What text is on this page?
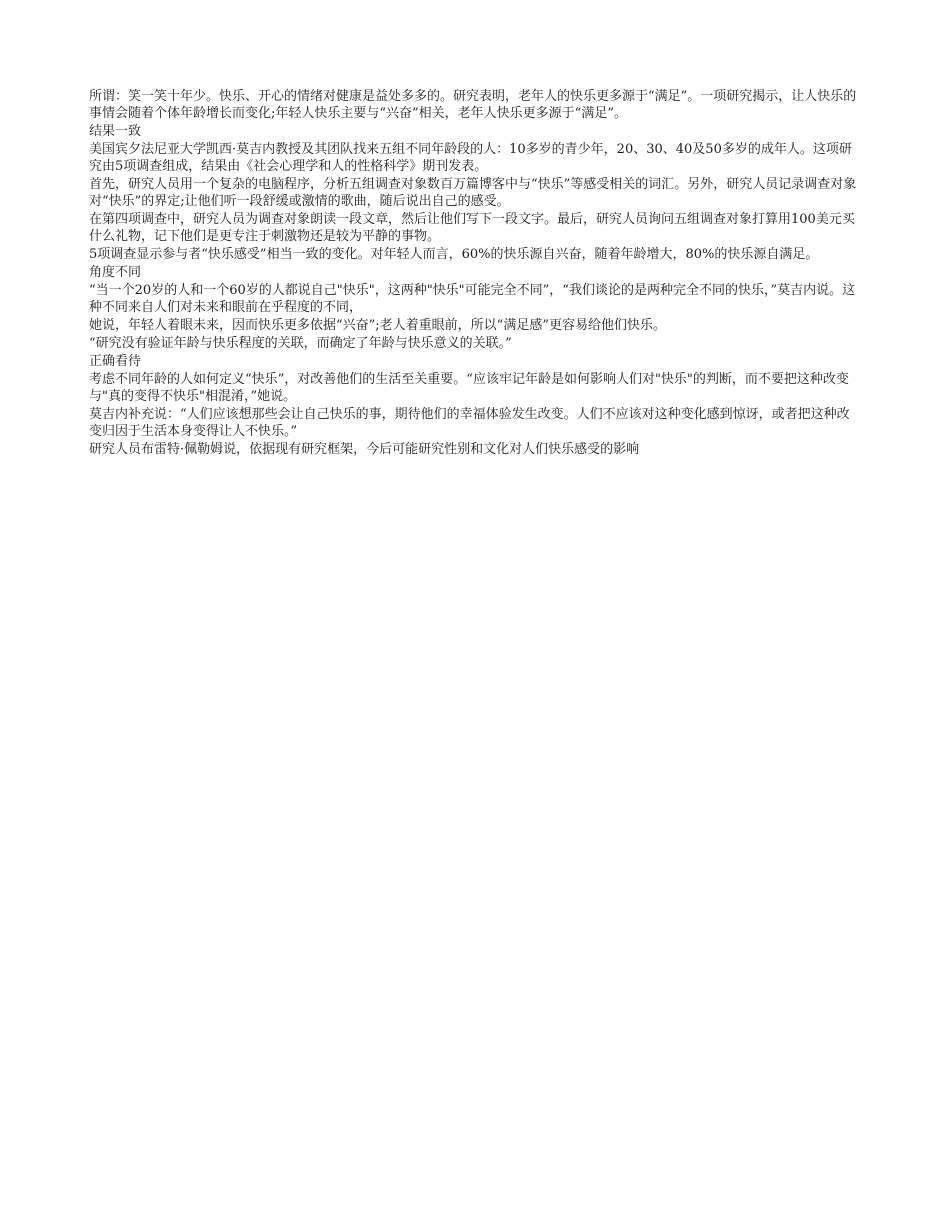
所谓：笑一笑十年少。快乐、开心的情绪对健康是益处多多的。研究表明，老年人的快乐更多源于“满足”。一项研究揭示，让人快乐的事情会随着个体年龄增长而变化;年轻人快乐主要与“兴奋”相关，老年人快乐更多源于“满足”。

结果一致

美国宾夕法尼亚大学凯西·莫吉内教授及其团队找来五组不同年龄段的人：10多岁的青少年，20、30、40及50多岁的成年人。这项研究由5项调查组成，结果由《社会心理学和人的性格科学》期刊发表。

首先，研究人员用一个复杂的电脑程序，分析五组调查对象数百万篇博客中与“快乐”等感受相关的词汇。另外，研究人员记录调查对象对“快乐”的界定;让他们听一段舒缓或激情的歌曲，随后说出自己的感受。

在第四项调查中，研究人员为调查对象朗读一段文章，然后让他们写下一段文字。最后，研究人员询问五组调查对象打算用100美元买什么礼物，记下他们是更专注于刺激物还是较为平静的事物。

5项调查显示参与者“快乐感受”相当一致的变化。对年轻人而言，60%的快乐源自兴奋，随着年龄增大，80%的快乐源自满足。

角度不同

“当一个20岁的人和一个60岁的人都说自己"快乐"，这两种"快乐"可能完全不同”，“我们谈论的是两种完全不同的快乐，”莫吉内说。这种不同来自人们对未来和眼前在乎程度的不同，

她说，年轻人着眼未来，因而快乐更多依据“兴奋”;老人着重眼前，所以“满足感”更容易给他们快乐。

“研究没有验证年龄与快乐程度的关联，而确定了年龄与快乐意义的关联。”

正确看待

考虑不同年龄的人如何定义“快乐”，对改善他们的生活至关重要。“应该牢记年龄是如何影响人们对"快乐"的判断，而不要把这种改变与"真的变得不快乐"相混淆，”她说。

莫吉内补充说：“人们应该想那些会让自己快乐的事，期待他们的幸福体验发生改变。人们不应该对这种变化感到惊讶，或者把这种改变归因于生活本身变得让人不快乐。”

研究人员布雷特·佩勒姆说，依据现有研究框架，今后可能研究性别和文化对人们快乐感受的影响
